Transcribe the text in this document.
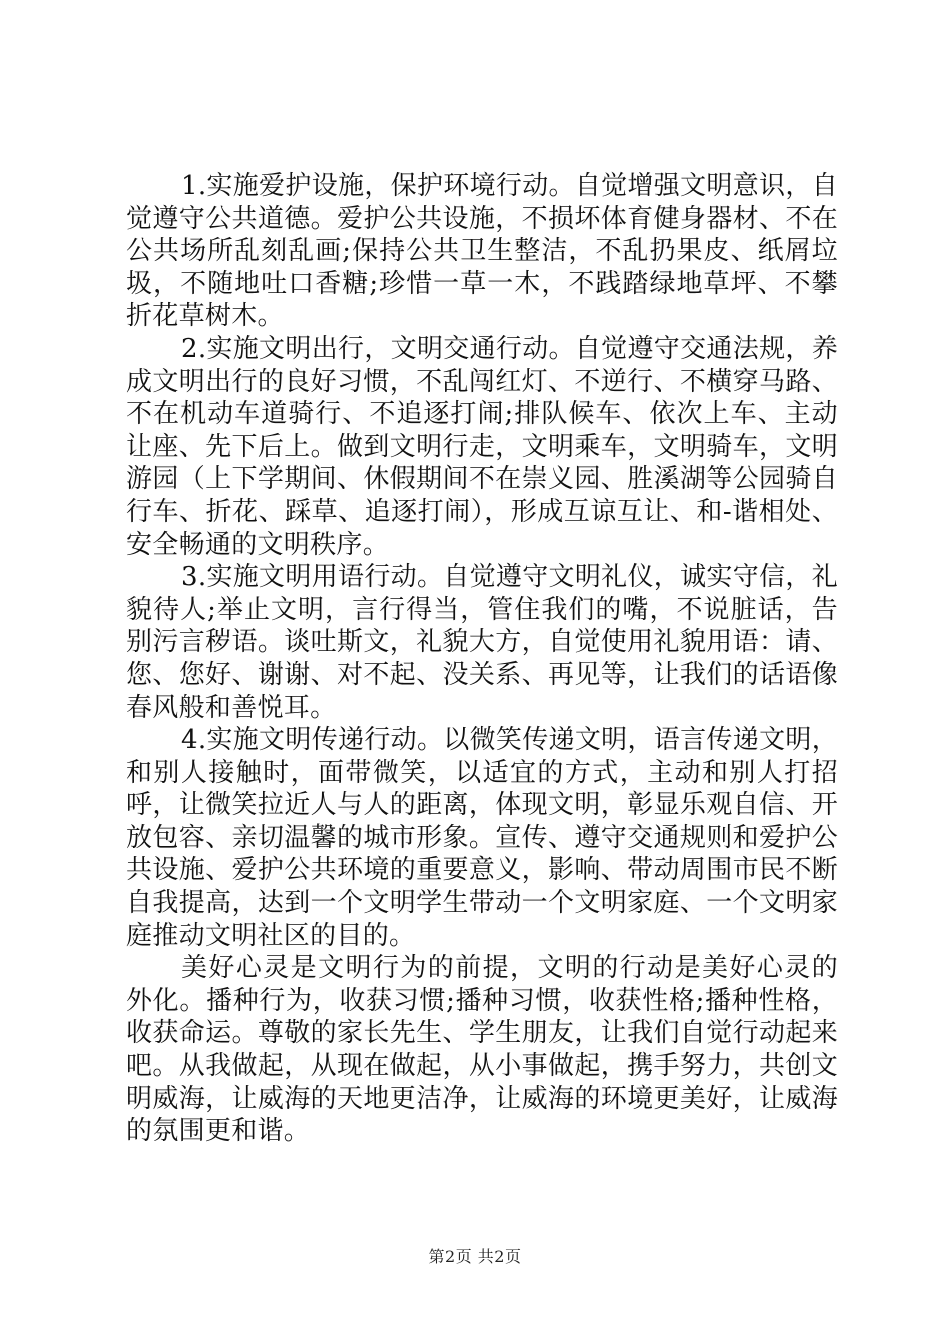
1.实施爱护设施，保护环境行动。自觉增强文明意识，自觉遵守公共道德。爱护公共设施，不损坏体育健身器材、不在公共场所乱刻乱画;保持公共卫生整洁，不乱扔果皮、纸屑垃圾，不随地吐口香糖;珍惜一草一木，不践踏绿地草坪、不攀折花草树木。

2.实施文明出行，文明交通行动。自觉遵守交通法规，养成文明出行的良好习惯，不乱闯红灯、不逆行、不横穿马路、不在机动车道骑行、不追逐打闹;排队候车、依次上车、主动让座、先下后上。做到文明行走，文明乘车，文明骑车，文明游园（上下学期间、休假期间不在崇义园、胜溪湖等公园骑自行车、折花、踩草、追逐打闹），形成互谅互让、和-谐相处、安全畅通的文明秩序。

3.实施文明用语行动。自觉遵守文明礼仪，诚实守信，礼貌待人;举止文明，言行得当，管住我们的嘴，不说脏话，告别污言秽语。谈吐斯文，礼貌大方，自觉使用礼貌用语：请、您、您好、谢谢、对不起、没关系、再见等，让我们的话语像春风般和善悦耳。

4.实施文明传递行动。以微笑传递文明，语言传递文明，和别人接触时，面带微笑，以适宜的方式，主动和别人打招呼，让微笑拉近人与人的距离，体现文明，彰显乐观自信、开放包容、亲切温馨的城市形象。宣传、遵守交通规则和爱护公共设施、爱护公共环境的重要意义，影响、带动周围市民不断自我提高，达到一个文明学生带动一个文明家庭、一个文明家庭推动文明社区的目的。

美好心灵是文明行为的前提，文明的行动是美好心灵的外化。播种行为，收获习惯;播种习惯，收获性格;播种性格，收获命运。尊敬的家长先生、学生朋友，让我们自觉行动起来吧。从我做起，从现在做起，从小事做起，携手努力，共创文明威海，让威海的天地更洁净，让威海的环境更美好，让威海的氛围更和谐。

第2页 共2页
